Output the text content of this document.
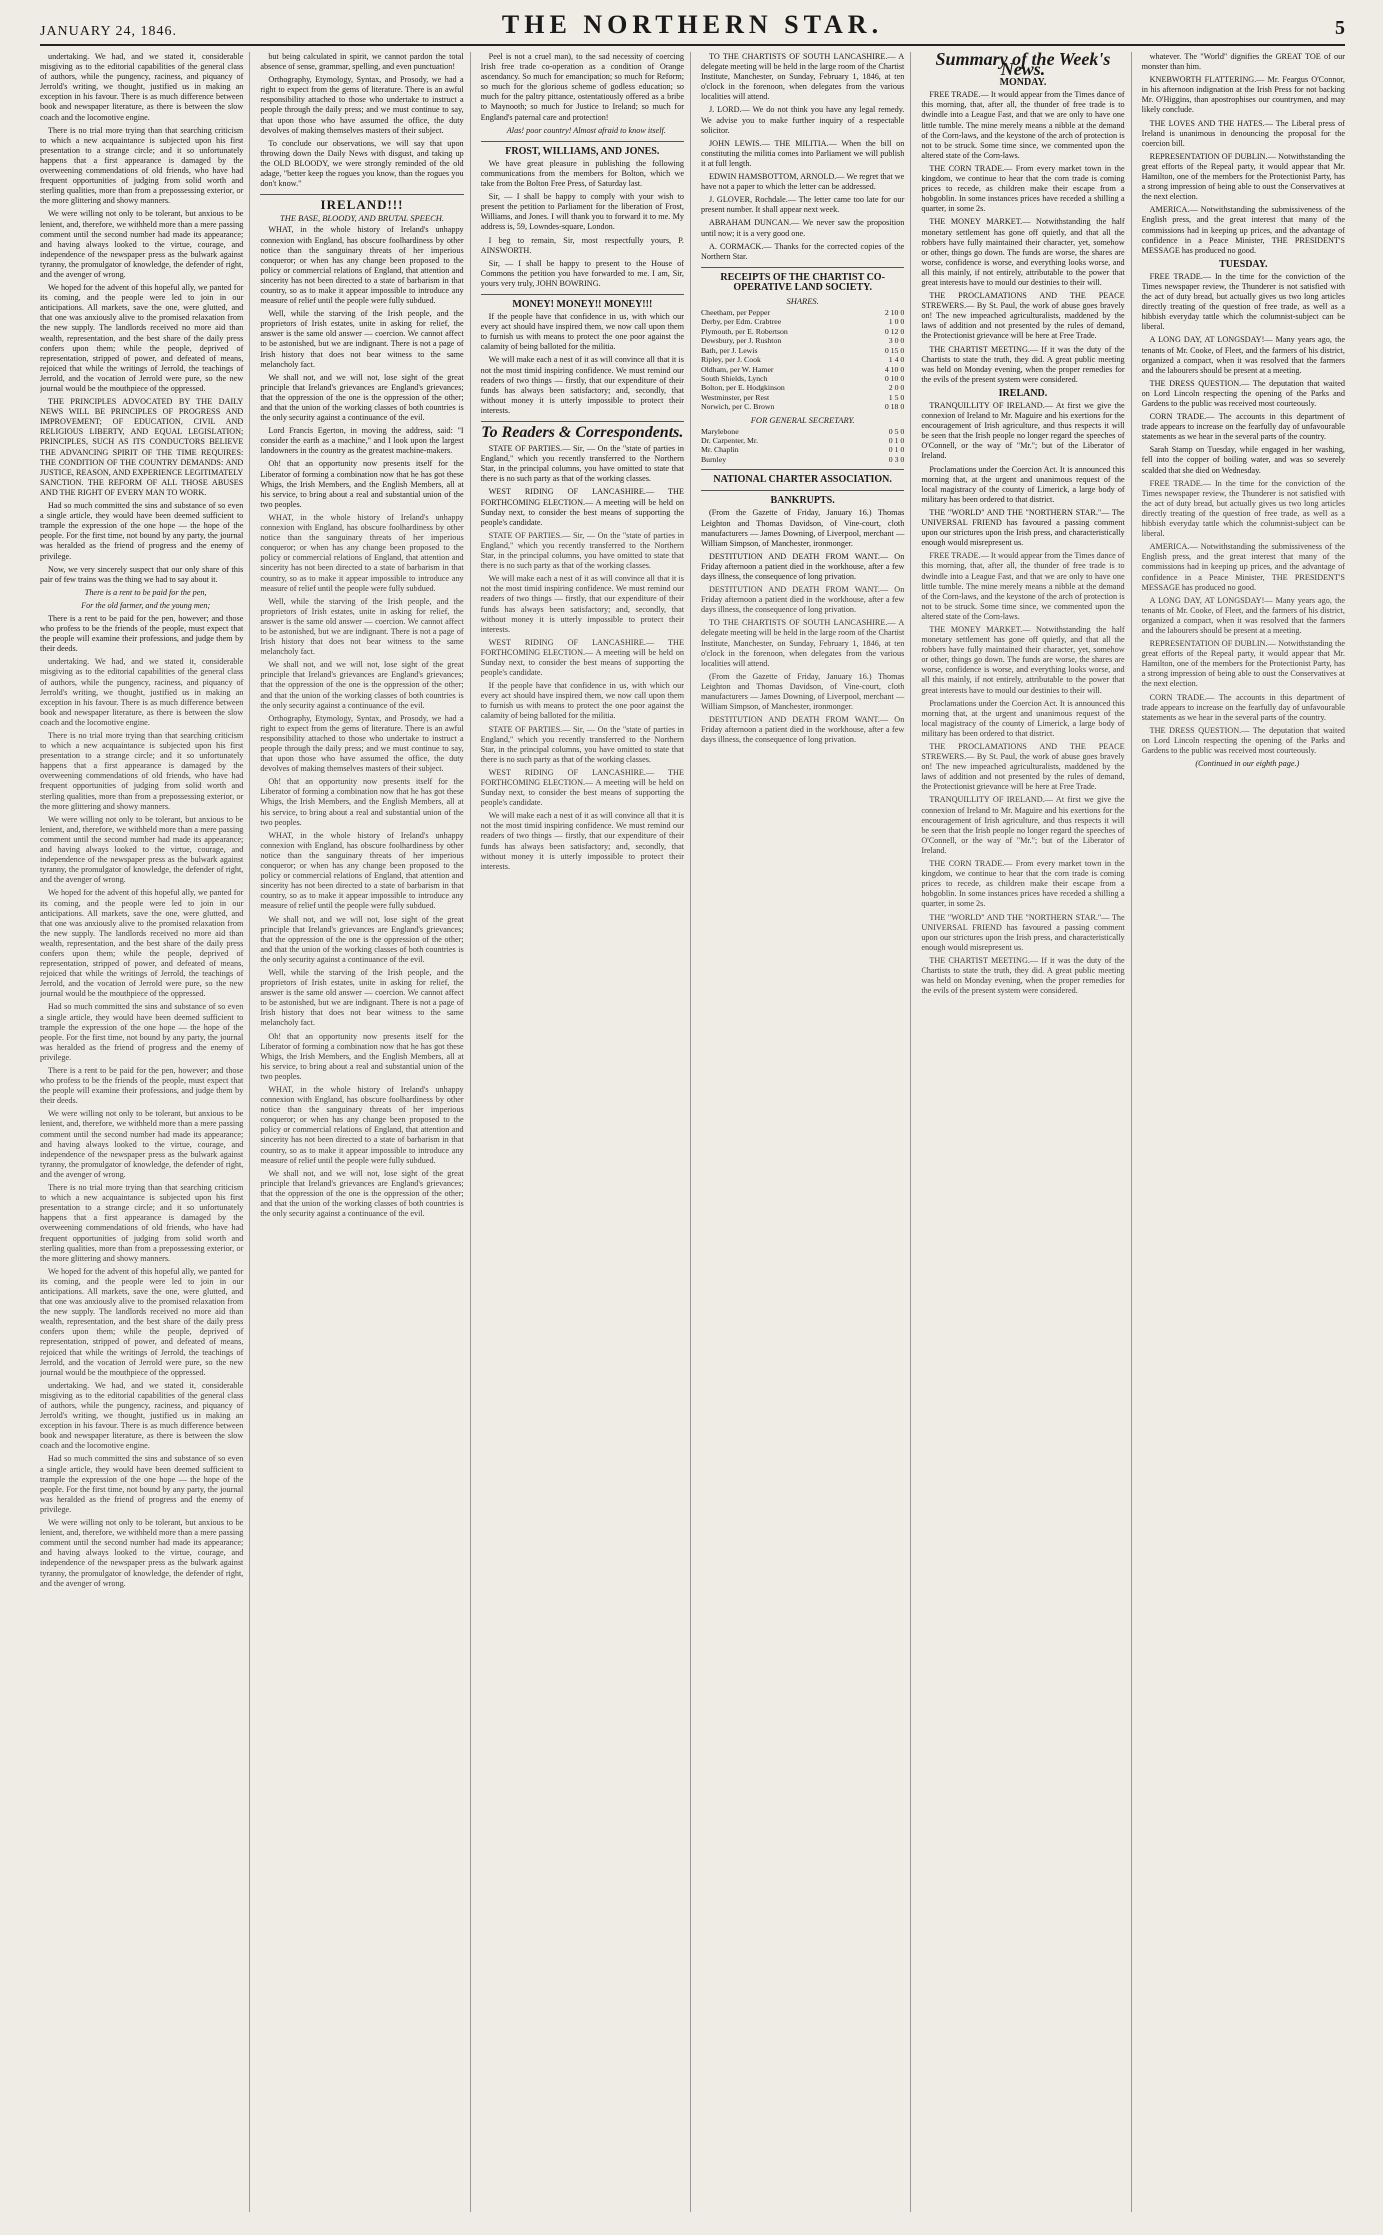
JANUARY 24, 1846.	THE NORTHERN STAR.	5

undertaking. We had, and we stated it, considerable misgiving as to the editorial capabilities of the general class of authors, while the pungency, raciness, and piquancy of Jerrold's writing, we thought, justified us in making an exception in his favour. There is as much difference between book and newspaper literature, as there is between the slow coach and the locomotive engine.

There is no trial more trying than that searching criticism to which a new acquaintance is subjected upon his first presentation to a strange circle; and it so unfortunately happens that a first appearance is damaged by the overweening commendations of old friends, who have had frequent opportunities of judging from solid worth and sterling qualities, more than from a prepossessing exterior, or the more glittering and showy manners.

We were willing not only to be tolerant, but anxious to be lenient, and, therefore, we withheld more than a mere passing comment until the second number had made its appearance; and having always looked to the virtue, courage, and independence of the newspaper press as the bulwark against tyranny, the promulgator of knowledge, the defender of right, and the avenger of wrong.

We hoped for the advent of this hopeful ally, we panted for its coming, and the people were led to join in our anticipations. All markets, save the one, were glutted, and that one was anxiously alive to the promised relaxation from the new supply. The landlords received no more aid than wealth, representation, and the best share of the daily press confers upon them; while the people, deprived of representation, stripped of power, and defeated of means, rejoiced that while the writings of Jerrold, the teachings of Jerrold, and the vocation of Jerrold were pure, so the new journal would be the mouthpiece of the oppressed.

THE PRINCIPLES ADVOCATED BY THE DAILY NEWS WILL BE PRINCIPLES OF PROGRESS AND IMPROVEMENT; OF EDUCATION, CIVIL AND RELIGIOUS LIBERTY, AND EQUAL LEGISLATION; PRINCIPLES, SUCH AS ITS CONDUCTORS BELIEVE THE ADVANCING SPIRIT OF THE TIME REQUIRES: THE CONDITION OF THE COUNTRY DEMANDS: AND JUSTICE, REASON, AND EXPERIENCE LEGITIMATELY SANCTION. THE REFORM OF ALL THOSE ABUSES AND THE RIGHT OF EVERY MAN TO WORK.

Had so much committed the sins and substance of so even a single article, they would have been deemed sufficient to trample the expression of the one hope — the hope of the people. For the first time, not bound by any party, the journal was heralded as the friend of progress and the enemy of privilege.

Now, we very sincerely suspect that our only share of this pair of few trains was the thing we had to say about it.

There is a rent to be paid for the pen,

For the old farmer, and the young men;

There is a rent to be paid for the pen, however; and those who profess to be the friends of the people, must expect that the people will examine their professions, and judge them by their deeds.

undertaking. We had, and we stated it, considerable misgiving as to the editorial capabilities of the general class of authors, while the pungency, raciness, and piquancy of Jerrold's writing, we thought, justified us in making an exception in his favour. There is as much difference between book and newspaper literature, as there is between the slow coach and the locomotive engine.

There is no trial more trying than that searching criticism to which a new acquaintance is subjected upon his first presentation to a strange circle; and it so unfortunately happens that a first appearance is damaged by the overweening commendations of old friends, who have had frequent opportunities of judging from solid worth and sterling qualities, more than from a prepossessing exterior, or the more glittering and showy manners.

We were willing not only to be tolerant, but anxious to be lenient, and, therefore, we withheld more than a mere passing comment until the second number had made its appearance; and having always looked to the virtue, courage, and independence of the newspaper press as the bulwark against tyranny, the promulgator of knowledge, the defender of right, and the avenger of wrong.

We hoped for the advent of this hopeful ally, we panted for its coming, and the people were led to join in our anticipations. All markets, save the one, were glutted, and that one was anxiously alive to the promised relaxation from the new supply. The landlords received no more aid than wealth, representation, and the best share of the daily press confers upon them; while the people, deprived of representation, stripped of power, and defeated of means, rejoiced that while the writings of Jerrold, the teachings of Jerrold, and the vocation of Jerrold were pure, so the new journal would be the mouthpiece of the oppressed.

Had so much committed the sins and substance of so even a single article, they would have been deemed sufficient to trample the expression of the one hope — the hope of the people. For the first time, not bound by any party, the journal was heralded as the friend of progress and the enemy of privilege.

There is a rent to be paid for the pen, however; and those who profess to be the friends of the people, must expect that the people will examine their professions, and judge them by their deeds.

We were willing not only to be tolerant, but anxious to be lenient, and, therefore, we withheld more than a mere passing comment until the second number had made its appearance; and having always looked to the virtue, courage, and independence of the newspaper press as the bulwark against tyranny, the promulgator of knowledge, the defender of right, and the avenger of wrong.

There is no trial more trying than that searching criticism to which a new acquaintance is subjected upon his first presentation to a strange circle; and it so unfortunately happens that a first appearance is damaged by the overweening commendations of old friends, who have had frequent opportunities of judging from solid worth and sterling qualities, more than from a prepossessing exterior, or the more glittering and showy manners.

We hoped for the advent of this hopeful ally, we panted for its coming, and the people were led to join in our anticipations. All markets, save the one, were glutted, and that one was anxiously alive to the promised relaxation from the new supply. The landlords received no more aid than wealth, representation, and the best share of the daily press confers upon them; while the people, deprived of representation, stripped of power, and defeated of means, rejoiced that while the writings of Jerrold, the teachings of Jerrold, and the vocation of Jerrold were pure, so the new journal would be the mouthpiece of the oppressed.

undertaking. We had, and we stated it, considerable misgiving as to the editorial capabilities of the general class of authors, while the pungency, raciness, and piquancy of Jerrold's writing, we thought, justified us in making an exception in his favour. There is as much difference between book and newspaper literature, as there is between the slow coach and the locomotive engine.

Had so much committed the sins and substance of so even a single article, they would have been deemed sufficient to trample the expression of the one hope — the hope of the people. For the first time, not bound by any party, the journal was heralded as the friend of progress and the enemy of privilege.

We were willing not only to be tolerant, but anxious to be lenient, and, therefore, we withheld more than a mere passing comment until the second number had made its appearance; and having always looked to the virtue, courage, and independence of the newspaper press as the bulwark against tyranny, the promulgator of knowledge, the defender of right, and the avenger of wrong.

but being calculated in spirit, we cannot pardon the total absence of sense, grammar, spelling, and even punctuation!

Orthography, Etymology, Syntax, and Prosody, we had a right to expect from the gems of literature. There is an awful responsibility attached to those who undertake to instruct a people through the daily press; and we must continue to say, that upon those who have assumed the office, the duty devolves of making themselves masters of their subject.

To conclude our observations, we will say that upon throwing down the Daily News with disgust, and taking up the OLD BLOODY, we were strongly reminded of the old adage, "better keep the rogues you know, than the rogues you don't know."

IRELAND!!!
THE BASE, BLOODY, AND BRUTAL SPEECH.

WHAT, in the whole history of Ireland's unhappy connexion with England, has obscure foolhardiness by other notice than the sanguinary threats of her imperious conqueror; or when has any change been proposed to the policy or commercial relations of England, that attention and sincerity has not been directed to a state of barbarism in that country, so as to make it appear impossible to introduce any measure of relief until the people were fully subdued.

Well, while the starving of the Irish people, and the proprietors of Irish estates, unite in asking for relief, the answer is the same old answer — coercion. We cannot affect to be astonished, but we are indignant. There is not a page of Irish history that does not bear witness to the same melancholy fact.

We shall not, and we will not, lose sight of the great principle that Ireland's grievances are England's grievances; that the oppression of the one is the oppression of the other; and that the union of the working classes of both countries is the only security against a continuance of the evil.

Lord Francis Egerton, in moving the address, said: "I consider the earth as a machine," and I look upon the largest landowners in the country as the greatest machine-makers.

Oh! that an opportunity now presents itself for the Liberator of forming a combination now that he has got these Whigs, the Irish Members, and the English Members, all at his service, to bring about a real and substantial union of the two peoples.

WHAT, in the whole history of Ireland's unhappy connexion with England, has obscure foolhardiness by other notice than the sanguinary threats of her imperious conqueror; or when has any change been proposed to the policy or commercial relations of England, that attention and sincerity has not been directed to a state of barbarism in that country, so as to make it appear impossible to introduce any measure of relief until the people were fully subdued.

Well, while the starving of the Irish people, and the proprietors of Irish estates, unite in asking for relief, the answer is the same old answer — coercion. We cannot affect to be astonished, but we are indignant. There is not a page of Irish history that does not bear witness to the same melancholy fact.

We shall not, and we will not, lose sight of the great principle that Ireland's grievances are England's grievances; that the oppression of the one is the oppression of the other; and that the union of the working classes of both countries is the only security against a continuance of the evil.

Orthography, Etymology, Syntax, and Prosody, we had a right to expect from the gems of literature. There is an awful responsibility attached to those who undertake to instruct a people through the daily press; and we must continue to say, that upon those who have assumed the office, the duty devolves of making themselves masters of their subject.

Oh! that an opportunity now presents itself for the Liberator of forming a combination now that he has got these Whigs, the Irish Members, and the English Members, all at his service, to bring about a real and substantial union of the two peoples.

WHAT, in the whole history of Ireland's unhappy connexion with England, has obscure foolhardiness by other notice than the sanguinary threats of her imperious conqueror; or when has any change been proposed to the policy or commercial relations of England, that attention and sincerity has not been directed to a state of barbarism in that country, so as to make it appear impossible to introduce any measure of relief until the people were fully subdued.

We shall not, and we will not, lose sight of the great principle that Ireland's grievances are England's grievances; that the oppression of the one is the oppression of the other; and that the union of the working classes of both countries is the only security against a continuance of the evil.

Well, while the starving of the Irish people, and the proprietors of Irish estates, unite in asking for relief, the answer is the same old answer — coercion. We cannot affect to be astonished, but we are indignant. There is not a page of Irish history that does not bear witness to the same melancholy fact.

Oh! that an opportunity now presents itself for the Liberator of forming a combination now that he has got these Whigs, the Irish Members, and the English Members, all at his service, to bring about a real and substantial union of the two peoples.

WHAT, in the whole history of Ireland's unhappy connexion with England, has obscure foolhardiness by other notice than the sanguinary threats of her imperious conqueror; or when has any change been proposed to the policy or commercial relations of England, that attention and sincerity has not been directed to a state of barbarism in that country, so as to make it appear impossible to introduce any measure of relief until the people were fully subdued.

We shall not, and we will not, lose sight of the great principle that Ireland's grievances are England's grievances; that the oppression of the one is the oppression of the other; and that the union of the working classes of both countries is the only security against a continuance of the evil.

Peel is not a cruel man), to the sad necessity of coercing Irish free trade co-operation as a condition of Orange ascendancy. So much for emancipation; so much for Reform; so much for the glorious scheme of godless education; so much for the paltry pittance, ostentatiously offered as a bribe to Maynooth; so much for Justice to Ireland; so much for England's paternal care and protection!

Alas! poor country! Almost afraid to know itself.

FROST, WILLIAMS, AND JONES.

We have great pleasure in publishing the following communications from the members for Bolton, which we take from the Bolton Free Press, of Saturday last.

Sir, — I shall be happy to comply with your wish to present the petition to Parliament for the liberation of Frost, Williams, and Jones. I will thank you to forward it to me. My address is, 59, Lowndes-square, London.

I beg to remain, Sir, most respectfully yours, P. AINSWORTH.

Sir, — I shall be happy to present to the House of Commons the petition you have forwarded to me. I am, Sir, yours very truly, JOHN BOWRING.

MONEY! MONEY!! MONEY!!!

If the people have that confidence in us, with which our every act should have inspired them, we now call upon them to furnish us with means to protect the one poor against the calamity of being balloted for the militia.

We will make each a nest of it as will convince all that it is not the most timid inspiring confidence. We must remind our readers of two things — firstly, that our expenditure of their funds has always been satisfactory; and, secondly, that without money it is utterly impossible to protect their interests.

To Readers & Correspondents.

STATE OF PARTIES.— Sir, — On the "state of parties in England," which you recently transferred to the Northern Star, in the principal columns, you have omitted to state that there is no such party as that of the working classes.

WEST RIDING OF LANCASHIRE.— THE FORTHCOMING ELECTION.— A meeting will be held on Sunday next, to consider the best means of supporting the people's candidate.

STATE OF PARTIES.— Sir, — On the "state of parties in England," which you recently transferred to the Northern Star, in the principal columns, you have omitted to state that there is no such party as that of the working classes.

We will make each a nest of it as will convince all that it is not the most timid inspiring confidence. We must remind our readers of two things — firstly, that our expenditure of their funds has always been satisfactory; and, secondly, that without money it is utterly impossible to protect their interests.

WEST RIDING OF LANCASHIRE.— THE FORTHCOMING ELECTION.— A meeting will be held on Sunday next, to consider the best means of supporting the people's candidate.

If the people have that confidence in us, with which our every act should have inspired them, we now call upon them to furnish us with means to protect the one poor against the calamity of being balloted for the militia.

STATE OF PARTIES.— Sir, — On the "state of parties in England," which you recently transferred to the Northern Star, in the principal columns, you have omitted to state that there is no such party as that of the working classes.

WEST RIDING OF LANCASHIRE.— THE FORTHCOMING ELECTION.— A meeting will be held on Sunday next, to consider the best means of supporting the people's candidate.

We will make each a nest of it as will convince all that it is not the most timid inspiring confidence. We must remind our readers of two things — firstly, that our expenditure of their funds has always been satisfactory; and, secondly, that without money it is utterly impossible to protect their interests.

TO THE CHARTISTS OF SOUTH LANCASHIRE.— A delegate meeting will be held in the large room of the Chartist Institute, Manchester, on Sunday, February 1, 1846, at ten o'clock in the forenoon, when delegates from the various localities will attend.

J. LORD.— We do not think you have any legal remedy. We advise you to make further inquiry of a respectable solicitor.

JOHN LEWIS.— THE MILITIA.— When the bill on constituting the militia comes into Parliament we will publish it at full length.

EDWIN HAMSBOTTOM, ARNOLD.— We regret that we have not a paper to which the letter can be addressed.

J. GLOVER, Rochdale.— The letter came too late for our present number. It shall appear next week.

ABRAHAM DUNCAN.— We never saw the proposition until now; it is a very good one.

A. CORMACK.— Thanks for the corrected copies of the Northern Star.

RECEIPTS OF THE CHARTIST CO-OPERATIVE LAND SOCIETY.
SHARES.
Cheetham, per Pepper	2 10 0
Derby, per Edm. Crabtree	1 0 0
Plymouth, per E. Robertson	0 12 0
Dewsbury, per J. Rushton	3 0 0
Bath, per J. Lewis	0 15 0
Ripley, per J. Cook	1 4 0
Oldham, per W. Hamer	4 10 0
South Shields, Lynch	0 10 0
Bolton, per E. Hodgkinson	2 0 0
Westminster, per Rest	1 5 0
Norwich, per C. Brown	0 18 0
FOR GENERAL SECRETARY.
Marylebone	0 5 0
Dr. Carpenter, Mr.	0 1 0
Mr. Chaplin	0 1 0
Burnley	0 3 0
NATIONAL CHARTER ASSOCIATION.
BANKRUPTS.

(From the Gazette of Friday, January 16.) Thomas Leighton and Thomas Davidson, of Vine-court, cloth manufacturers — James Downing, of Liverpool, merchant — William Simpson, of Manchester, ironmonger.

DESTITUTION AND DEATH FROM WANT.— On Friday afternoon a patient died in the workhouse, after a few days illness, the consequence of long privation.

DESTITUTION AND DEATH FROM WANT.— On Friday afternoon a patient died in the workhouse, after a few days illness, the consequence of long privation.

TO THE CHARTISTS OF SOUTH LANCASHIRE.— A delegate meeting will be held in the large room of the Chartist Institute, Manchester, on Sunday, February 1, 1846, at ten o'clock in the forenoon, when delegates from the various localities will attend.

(From the Gazette of Friday, January 16.) Thomas Leighton and Thomas Davidson, of Vine-court, cloth manufacturers — James Downing, of Liverpool, merchant — William Simpson, of Manchester, ironmonger.

DESTITUTION AND DEATH FROM WANT.— On Friday afternoon a patient died in the workhouse, after a few days illness, the consequence of long privation.

Summary of the Week's News.
MONDAY.

FREE TRADE.— It would appear from the Times dance of this morning, that, after all, the thunder of free trade is to dwindle into a League Fast, and that we are only to have one little tumble. The mine merely means a nibble at the demand of the Corn-laws, and the keystone of the arch of protection is not to be struck. Some time since, we commented upon the altered state of the Corn-laws.

THE CORN TRADE.— From every market town in the kingdom, we continue to hear that the corn trade is coming prices to recede, as children make their escape from a hobgoblin. In some instances prices have receded a shilling a quarter, in some 2s.

THE MONEY MARKET.— Notwithstanding the half monetary settlement has gone off quietly, and that all the robbers have fully maintained their character, yet, somehow or other, things go down. The funds are worse, the shares are worse, confidence is worse, and everything looks worse, and all this mainly, if not entirely, attributable to the power that great interests have to mould our destinies to their will.

THE PROCLAMATIONS AND THE PEACE STREWERS.— By St. Paul, the work of abuse goes bravely on! The new impeached agriculturalists, maddened by the laws of addition and not presented by the rules of demand, the Protectionist grievance will be here at Free Trade.

THE CHARTIST MEETING.— If it was the duty of the Chartists to state the truth, they did. A great public meeting was held on Monday evening, when the proper remedies for the evils of the present system were considered.

IRELAND.

TRANQUILLITY OF IRELAND.— At first we give the connexion of Ireland to Mr. Maguire and his exertions for the encouragement of Irish agriculture, and thus respects it will be seen that the Irish people no longer regard the speeches of O'Connell, or the way of "Mr."; but of the Liberator of Ireland.

Proclamations under the Coercion Act. It is announced this morning that, at the urgent and unanimous request of the local magistracy of the county of Limerick, a large body of military has been ordered to that district.

THE "WORLD" AND THE "NORTHERN STAR."— The UNIVERSAL FRIEND has favoured a passing comment upon our strictures upon the Irish press, and characteristically enough would misrepresent us.

FREE TRADE.— It would appear from the Times dance of this morning, that, after all, the thunder of free trade is to dwindle into a League Fast, and that we are only to have one little tumble. The mine merely means a nibble at the demand of the Corn-laws, and the keystone of the arch of protection is not to be struck. Some time since, we commented upon the altered state of the Corn-laws.

THE MONEY MARKET.— Notwithstanding the half monetary settlement has gone off quietly, and that all the robbers have fully maintained their character, yet, somehow or other, things go down. The funds are worse, the shares are worse, confidence is worse, and everything looks worse, and all this mainly, if not entirely, attributable to the power that great interests have to mould our destinies to their will.

Proclamations under the Coercion Act. It is announced this morning that, at the urgent and unanimous request of the local magistracy of the county of Limerick, a large body of military has been ordered to that district.

THE PROCLAMATIONS AND THE PEACE STREWERS.— By St. Paul, the work of abuse goes bravely on! The new impeached agriculturalists, maddened by the laws of addition and not presented by the rules of demand, the Protectionist grievance will be here at Free Trade.

TRANQUILLITY OF IRELAND.— At first we give the connexion of Ireland to Mr. Maguire and his exertions for the encouragement of Irish agriculture, and thus respects it will be seen that the Irish people no longer regard the speeches of O'Connell, or the way of "Mr."; but of the Liberator of Ireland.

THE CORN TRADE.— From every market town in the kingdom, we continue to hear that the corn trade is coming prices to recede, as children make their escape from a hobgoblin. In some instances prices have receded a shilling a quarter, in some 2s.

THE "WORLD" AND THE "NORTHERN STAR."— The UNIVERSAL FRIEND has favoured a passing comment upon our strictures upon the Irish press, and characteristically enough would misrepresent us.

THE CHARTIST MEETING.— If it was the duty of the Chartists to state the truth, they did. A great public meeting was held on Monday evening, when the proper remedies for the evils of the present system were considered.

whatever. The "World" dignifies the GREAT TOE of our monster than him.

KNEBWORTH FLATTERING.— Mr. Feargus O'Connor, in his afternoon indignation at the Irish Press for not backing Mr. O'Higgins, than apostrophises our countrymen, and may likely conclude.

THE LOVES AND THE HATES.— The Liberal press of Ireland is unanimous in denouncing the proposal for the coercion bill.

REPRESENTATION OF DUBLIN.— Notwithstanding the great efforts of the Repeal party, it would appear that Mr. Hamilton, one of the members for the Protectionist Party, has a strong impression of being able to oust the Conservatives at the next election.

AMERICA.— Notwithstanding the submissiveness of the English press, and the great interest that many of the commissions had in keeping up prices, and the advantage of confidence in a Peace Minister, THE PRESIDENT'S MESSAGE has produced no good.

TUESDAY.

FREE TRADE.— In the time for the conviction of the Times newspaper review, the Thunderer is not satisfied with the act of duty bread, but actually gives us two long articles directly treating of the question of free trade, as well as a hibbish everyday tattle which the columnist-subject can be liberal.

A LONG DAY, AT LONGSDAY!— Many years ago, the tenants of Mr. Cooke, of Fleet, and the farmers of his district, organized a compact, when it was resolved that the farmers and the labourers should be present at a meeting.

THE DRESS QUESTION.— The deputation that waited on Lord Lincoln respecting the opening of the Parks and Gardens to the public was received most courteously.

CORN TRADE.— The accounts in this department of trade appears to increase on the fearfully day of unfavourable statements as we hear in the several parts of the country.

Sarah Stamp on Tuesday, while engaged in her washing, fell into the copper of boiling water, and was so severely scalded that she died on Wednesday.

FREE TRADE.— In the time for the conviction of the Times newspaper review, the Thunderer is not satisfied with the act of duty bread, but actually gives us two long articles directly treating of the question of free trade, as well as a hibbish everyday tattle which the columnist-subject can be liberal.

AMERICA.— Notwithstanding the submissiveness of the English press, and the great interest that many of the commissions had in keeping up prices, and the advantage of confidence in a Peace Minister, THE PRESIDENT'S MESSAGE has produced no good.

A LONG DAY, AT LONGSDAY!— Many years ago, the tenants of Mr. Cooke, of Fleet, and the farmers of his district, organized a compact, when it was resolved that the farmers and the labourers should be present at a meeting.

REPRESENTATION OF DUBLIN.— Notwithstanding the great efforts of the Repeal party, it would appear that Mr. Hamilton, one of the members for the Protectionist Party, has a strong impression of being able to oust the Conservatives at the next election.

CORN TRADE.— The accounts in this department of trade appears to increase on the fearfully day of unfavourable statements as we hear in the several parts of the country.

THE DRESS QUESTION.— The deputation that waited on Lord Lincoln respecting the opening of the Parks and Gardens to the public was received most courteously.

(Continued in our eighth page.)
